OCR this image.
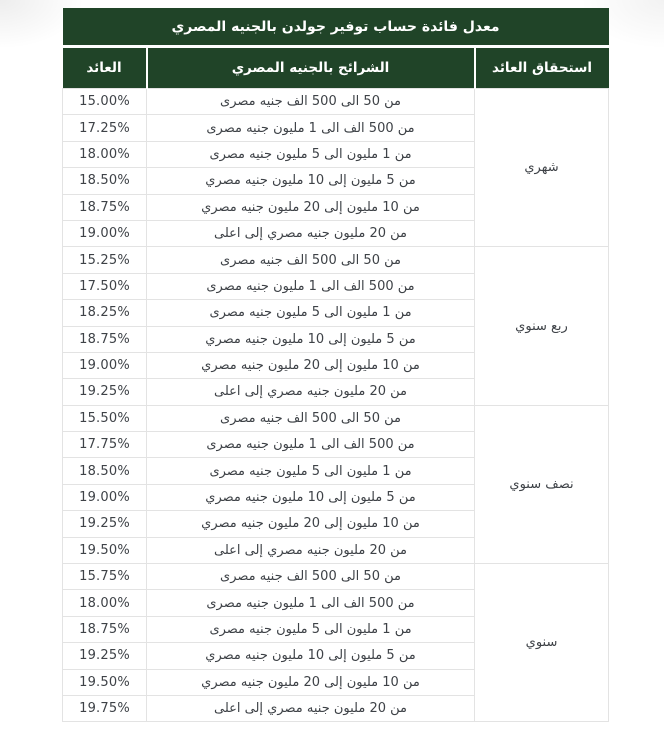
معدل فائدة حساب توفير جولدن بالجنيه المصري		
استحقاق العائد	الشرائح بالجنيه المصري	العائد
شهري	من 50 الى 500 الف جنيه مصرى	15.00%
	من 500 الف الى 1 مليون جنيه مصرى	17.25%
	من 1 مليون الى 5 مليون جنيه مصرى	18.00%
	من 5 مليون إلى 10 مليون جنيه مصري	18.50%
	من 10 مليون إلى 20 مليون جنيه مصري	18.75%
	من 20 مليون جنيه مصري إلى اعلى	19.00%
ربع سنوي	من 50 الى 500 الف جنيه مصرى	15.25%
	من 500 الف الى 1 مليون جنيه مصرى	17.50%
	من 1 مليون الى 5 مليون جنيه مصرى	18.25%
	من 5 مليون إلى 10 مليون جنيه مصري	18.75%
	من 10 مليون إلى 20 مليون جنيه مصري	19.00%
	من 20 مليون جنيه مصري إلى اعلى	19.25%
نصف سنوي	من 50 الى 500 الف جنيه مصرى	15.50%
	من 500 الف الى 1 مليون جنيه مصرى	17.75%
	من 1 مليون الى 5 مليون جنيه مصرى	18.50%
	من 5 مليون إلى 10 مليون جنيه مصري	19.00%
	من 10 مليون إلى 20 مليون جنيه مصري	19.25%
	من 20 مليون جنيه مصري إلى اعلى	19.50%
سنوي	من 50 الى 500 الف جنيه مصرى	15.75%
	من 500 الف الى 1 مليون جنيه مصرى	18.00%
	من 1 مليون الى 5 مليون جنيه مصرى	18.75%
	من 5 مليون إلى 10 مليون جنيه مصري	19.25%
	من 10 مليون إلى 20 مليون جنيه مصري	19.50%
	من 20 مليون جنيه مصري إلى اعلى	19.75%
